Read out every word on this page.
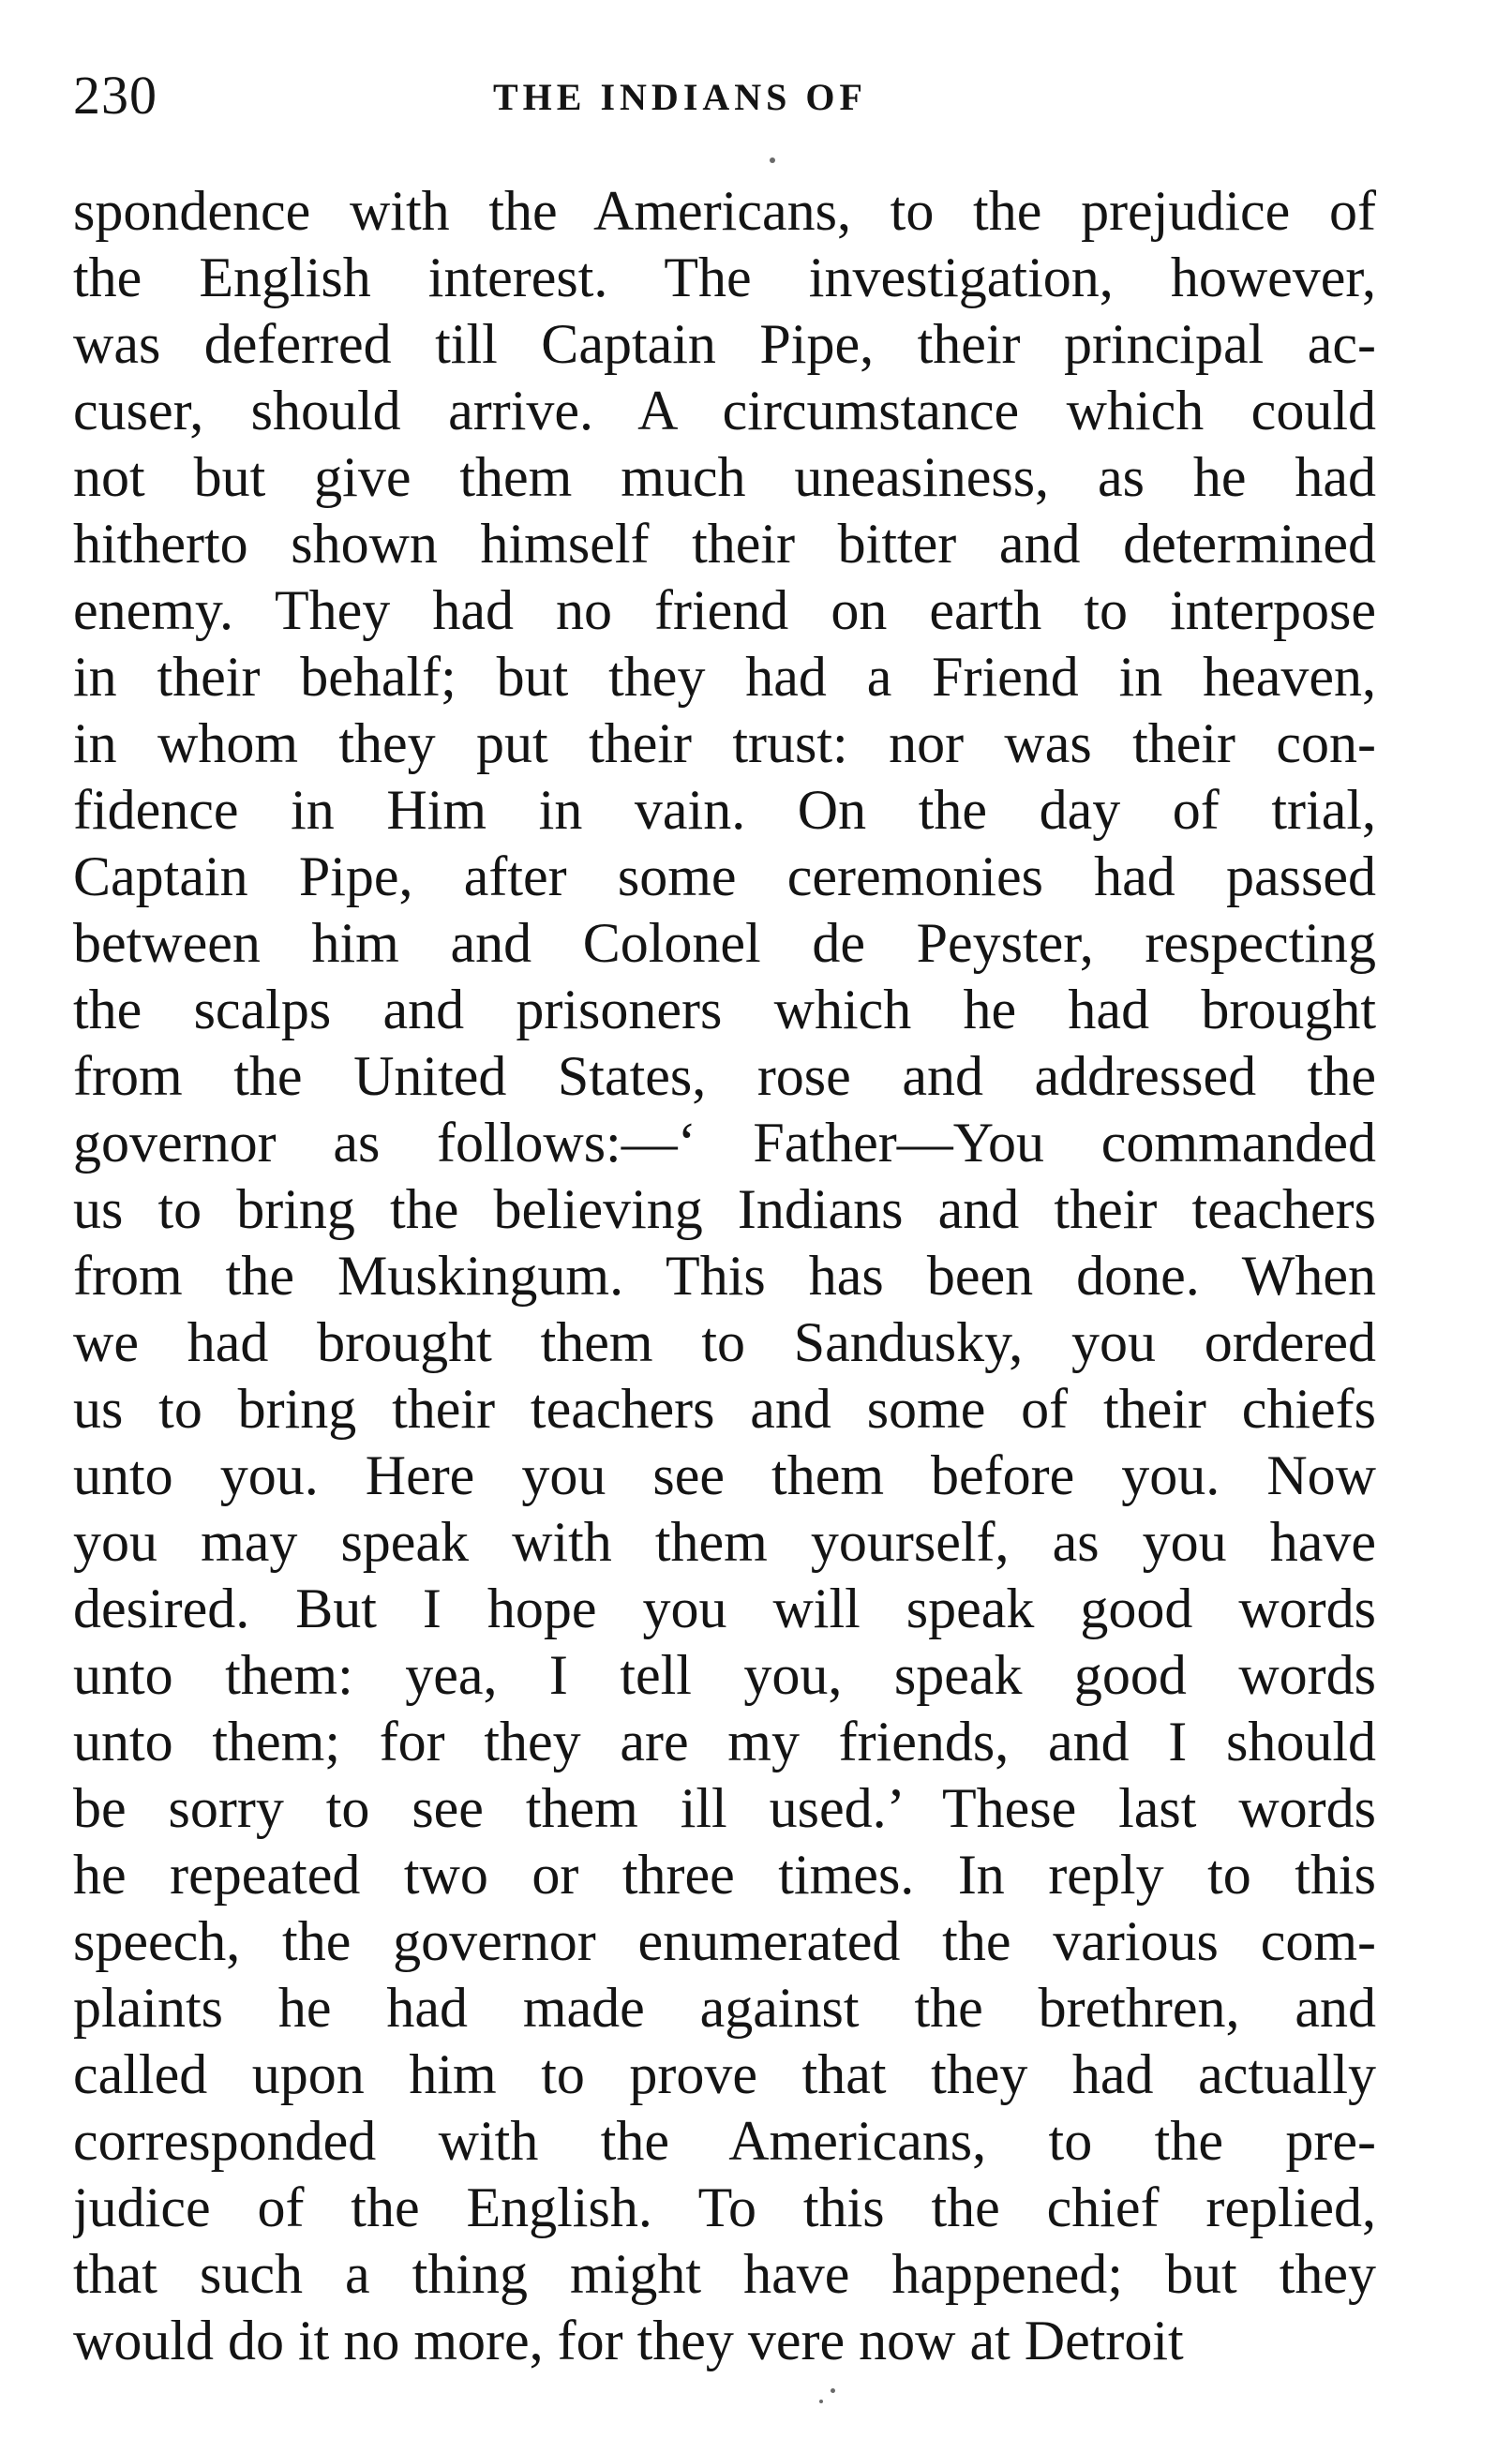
230	THE INDIANS OF
spondence with the Americans, to the prejudice of
the English interest. The investigation, however,
was deferred till Captain Pipe, their principal ac-
cuser, should arrive. A circumstance which could
not but give them much uneasiness, as he had
hitherto shown himself their bitter and determined
enemy. They had no friend on earth to interpose
in their behalf; but they had a Friend in heaven,
in whom they put their trust: nor was their con-
fidence in Him in vain. On the day of trial,
Captain Pipe, after some ceremonies had passed
between him and Colonel de Peyster, respecting
the scalps and prisoners which he had brought
from the United States, rose and addressed the
governor as follows:—‘ Father—You commanded
us to bring the believing Indians and their teachers
from the Muskingum. This has been done. When
we had brought them to Sandusky, you ordered
us to bring their teachers and some of their chiefs
unto you. Here you see them before you. Now
you may speak with them yourself, as you have
desired. But I hope you will speak good words
unto them: yea, I tell you, speak good words
unto them; for they are my friends, and I should
be sorry to see them ill used.’ These last words
he repeated two or three times. In reply to this
speech, the governor enumerated the various com-
plaints he had made against the brethren, and
called upon him to prove that they had actually
corresponded with the Americans, to the pre-
judice of the English. To this the chief replied,
that such a thing might have happened; but they
would do it no more, for they vere now at Detroit
